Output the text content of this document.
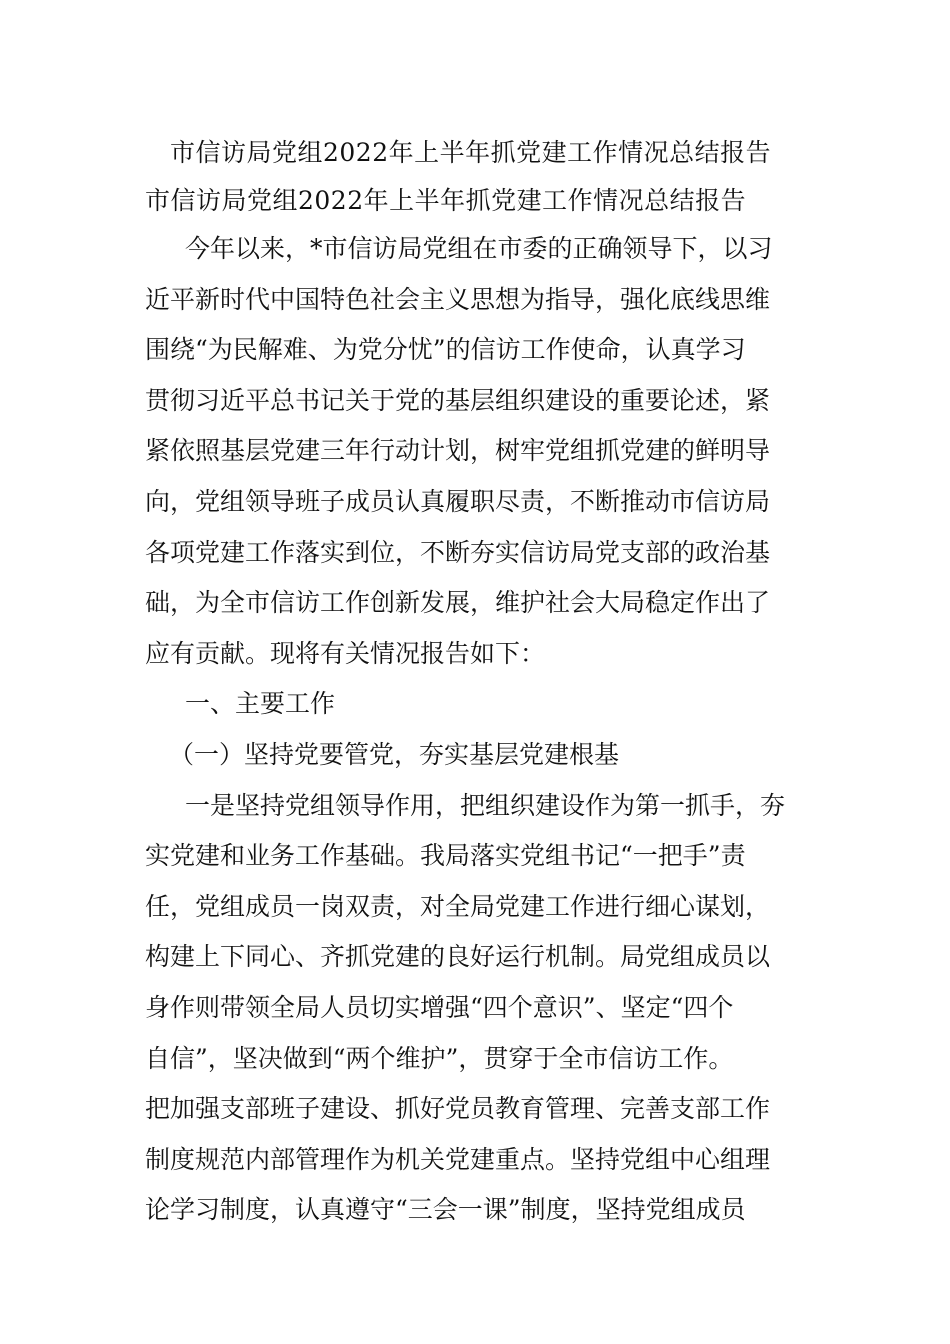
市信访局党组2022年上半年抓党建工作情况总结报告
市信访局党组2022年上半年抓党建工作情况总结报告
今年以来，*市信访局党组在市委的正确领导下，以习
近平新时代中国特色社会主义思想为指导，强化底线思维
围绕“为民解难、为党分忧”的信访工作使命，认真学习
贯彻习近平总书记关于党的基层组织建设的重要论述，紧
紧依照基层党建三年行动计划，树牢党组抓党建的鲜明导
向，党组领导班子成员认真履职尽责，不断推动市信访局
各项党建工作落实到位，不断夯实信访局党支部的政治基
础，为全市信访工作创新发展，维护社会大局稳定作出了
应有贡献。现将有关情况报告如下：
一、主要工作
（一）坚持党要管党，夯实基层党建根基
一是坚持党组领导作用，把组织建设作为第一抓手，夯
实党建和业务工作基础。我局落实党组书记“一把手”责
任，党组成员一岗双责，对全局党建工作进行细心谋划，
构建上下同心、齐抓党建的良好运行机制。局党组成员以
身作则带领全局人员切实增强“四个意识”、坚定“四个
自信”，坚决做到“两个维护”，贯穿于全市信访工作。
把加强支部班子建设、抓好党员教育管理、完善支部工作
制度规范内部管理作为机关党建重点。坚持党组中心组理
论学习制度，认真遵守“三会一课”制度，坚持党组成员
